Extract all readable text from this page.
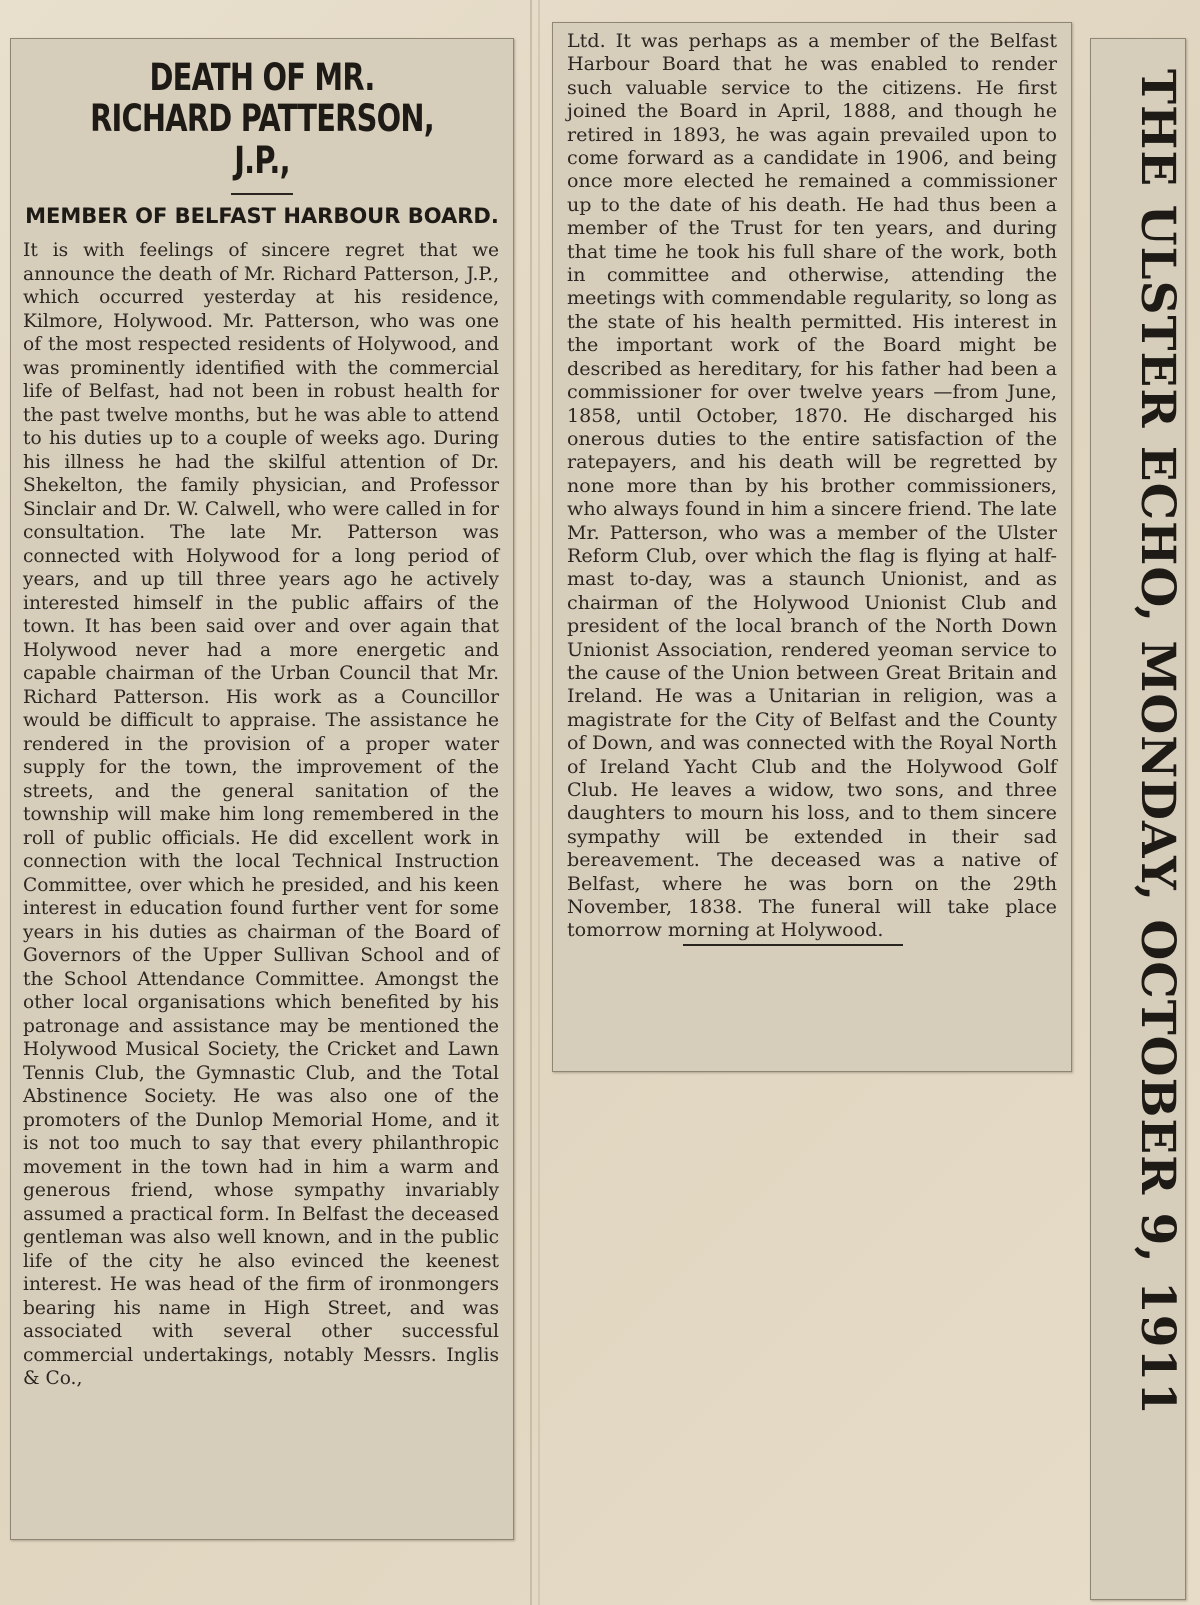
DEATH OF MR. RICHARD PATTERSON, J.P.,
MEMBER OF BELFAST HARBOUR BOARD.
It is with feelings of sincere regret that we announce the death of Mr. Richard Patterson, J.P., which occurred yesterday at his residence, Kilmore, Holywood. Mr. Patterson, who was one of the most respected residents of Holywood, and was prominently identified with the commercial life of Belfast, had not been in robust health for the past twelve months, but he was able to attend to his duties up to a couple of weeks ago. During his illness he had the skilful attention of Dr. Shekelton, the family physician, and Professor Sinclair and Dr. W. Calwell, who were called in for consultation. The late Mr. Patterson was connected with Holywood for a long period of years, and up till three years ago he actively interested himself in the public affairs of the town. It has been said over and over again that Holywood never had a more energetic and capable chairman of the Urban Council that Mr. Richard Patterson. His work as a Councillor would be difficult to appraise. The assistance he rendered in the provision of a proper water supply for the town, the improvement of the streets, and the general sanitation of the township will make him long remembered in the roll of public officials. He did excellent work in connection with the local Technical Instruction Committee, over which he presided, and his keen interest in education found further vent for some years in his duties as chairman of the Board of Governors of the Upper Sullivan School and of the School Attendance Committee. Amongst the other local organisations which benefited by his patronage and assistance may be mentioned the Holywood Musical Society, the Cricket and Lawn Tennis Club, the Gymnastic Club, and the Total Abstinence Society. He was also one of the promoters of the Dunlop Memorial Home, and it is not too much to say that every philanthropic movement in the town had in him a warm and generous friend, whose sympathy invariably assumed a practical form. In Belfast the deceased gentleman was also well known, and in the public life of the city he also evinced the keenest interest. He was head of the firm of ironmongers bearing his name in High Street, and was associated with several other successful commercial undertakings, notably Messrs. Inglis & Co.,
Ltd. It was perhaps as a member of the Belfast Harbour Board that he was enabled to render such valuable service to the citizens. He first joined the Board in April, 1888, and though he retired in 1893, he was again prevailed upon to come forward as a candidate in 1906, and being once more elected he remained a commissioner up to the date of his death. He had thus been a member of the Trust for ten years, and during that time he took his full share of the work, both in committee and otherwise, attending the meetings with commendable regularity, so long as the state of his health permitted. His interest in the important work of the Board might be described as hereditary, for his father had been a commissioner for over twelve years —from June, 1858, until October, 1870. He discharged his onerous duties to the entire satisfaction of the ratepayers, and his death will be regretted by none more than by his brother commissioners, who always found in him a sincere friend. The late Mr. Patterson, who was a member of the Ulster Reform Club, over which the flag is flying at half-mast to-day, was a staunch Unionist, and as chairman of the Holywood Unionist Club and president of the local branch of the North Down Unionist Association, rendered yeoman service to the cause of the Union between Great Britain and Ireland. He was a Unitarian in religion, was a magistrate for the City of Belfast and the County of Down, and was connected with the Royal North of Ireland Yacht Club and the Holywood Golf Club. He leaves a widow, two sons, and three daughters to mourn his loss, and to them sincere sympathy will be extended in their sad bereavement. The deceased was a native of Belfast, where he was born on the 29th November, 1838. The funeral will take place tomorrow morning at Holywood.	THE ULSTER ECHO, MONDAY, OCTOBER 9, 1911
